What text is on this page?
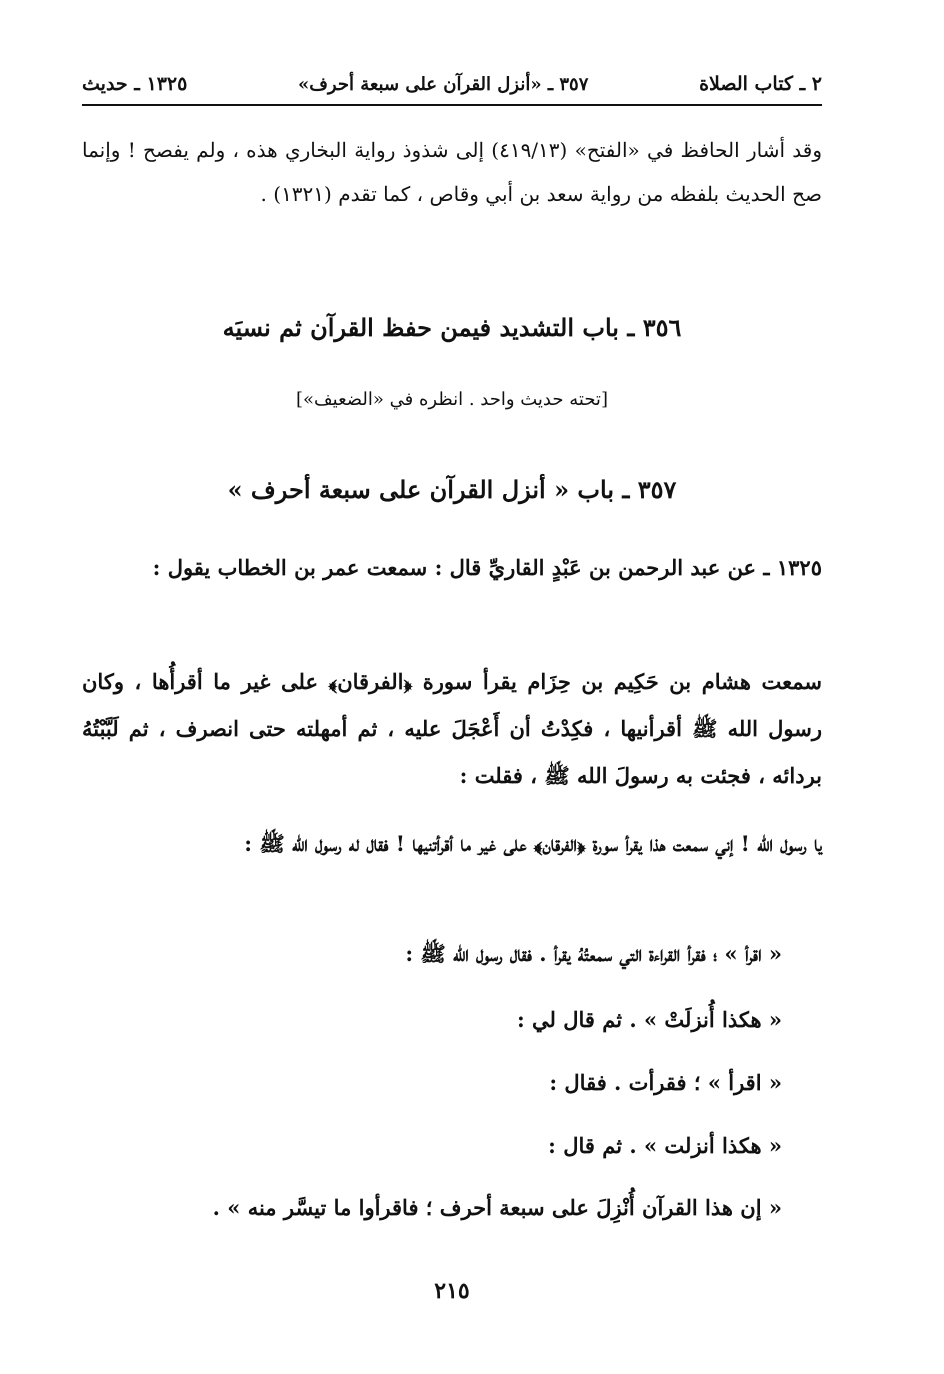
٢ ـ كتاب الصلاة
٣٥٧ ـ «أنزل القرآن على سبعة أحرف»
١٣٢٥ ـ حديث

وقد أشار الحافظ في «الفتح» (٤١٩/١٣) إلى شذوذ رواية البخاري هذه ، ولم يفصح ! وإنما صح الحديث بلفظه من رواية سعد بن أبي وقاص ، كما تقدم (١٣٢١) .

٣٥٦ ـ باب التشديد فيمن حفظ القرآن ثم نسيَه
[تحته حديث واحد . انظره في «الضعيف»]
٣٥٧ ـ باب « أنزل القرآن على سبعة أحرف »

١٣٢٥ ـ عن عبد الرحمن بن عَبْدٍ القاريِّ قال : سمعت عمر بن الخطاب يقول :

سمعت هشام بن حَكِيم بن حِزَام يقرأ سورة ﴿الفرقان﴾ على غير ما أقرأُها ، وكان رسول الله ﷺ أقرأنيها ، فكِدْتُ أن أَعْجَلَ عليه ، ثم أمهلته حتى انصرف ، ثم لَبَّبْتُهُ بردائه ، فجئت به رسولَ الله ﷺ ، فقلت :

يا رسول الله ! إني سمعت هذا يقرأ سورة ﴿الفرقان﴾ على غير ما أقرأتنيها ! فقال له رسول الله ﷺ :

« اقرأ » ؛ فقرأ القراءة التي سمعتُهُ يقرأ . فقال رسول الله ﷺ :
« هكذا أُنزلَتْ » . ثم قال لي :
« اقرأ » ؛ فقرأت . فقال :
« هكذا أنزلت » . ثم قال :
« إن هذا القرآن أُنْزِلَ على سبعة أحرف ؛ فاقرأوا ما تيسَّر منه » .
٢١٥
